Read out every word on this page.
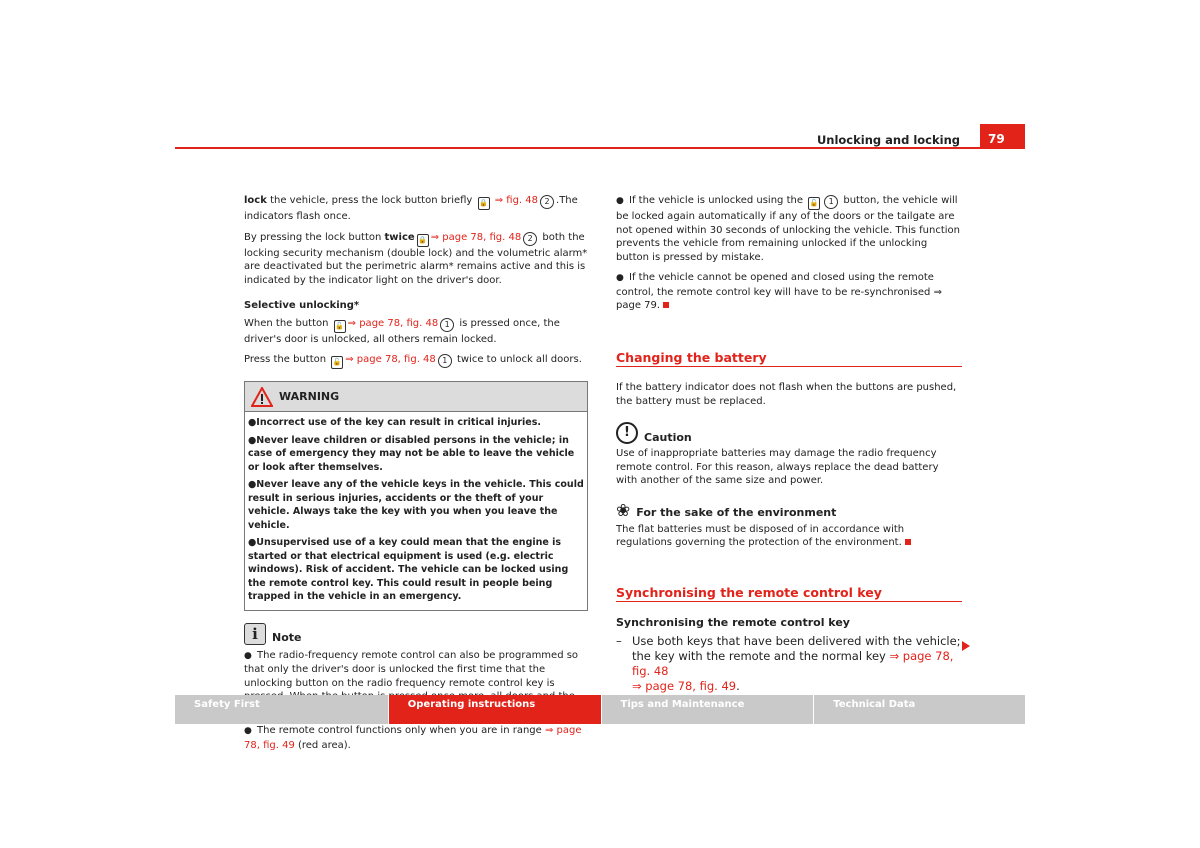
Unlocking and locking	79

lock the vehicle, press the lock button briefly 🔒 ⇒ fig. 48 2 .The indicators flash once.

By pressing the lock button twice 🔒 ⇒ page 78, fig. 48 2 both the locking security mechanism (double lock) and the volumetric alarm* are deactivated but the perimetric alarm* remains active and this is indicated by the indicator light on the driver's door.

Selective unlocking*

When the button 🔓 ⇒ page 78, fig. 48 1 is pressed once, the driver's door is unlocked, all others remain locked.

Press the button 🔓 ⇒ page 78, fig. 48 1 twice to unlock all doors.

WARNING

●Incorrect use of the key can result in critical injuries.

●Never leave children or disabled persons in the vehicle; in case of emergency they may not be able to leave the vehicle or look after themselves.

●Never leave any of the vehicle keys in the vehicle. This could result in serious injuries, accidents or the theft of your vehicle. Always take the key with you when you leave the vehicle.

●Unsupervised use of a key could mean that the engine is started or that electrical equipment is used (e.g. electric windows). Risk of accident. The vehicle can be locked using the remote control key. This could result in people being trapped in the vehicle in an emergency.

i	Note

● The radio-frequency remote control can also be programmed so that only the driver's door is unlocked the first time that the unlocking button on the radio frequency remote control key is

● The remote control functions only when you are in range ⇒ page 78, fig. 49 (red area).

● If the vehicle is unlocked using the 🔓 1 button, the vehicle will be locked again automatically if any of the doors or the tailgate are not opened within 30 seconds of unlocking the vehicle. This function prevents the vehicle from remaining unlocked if the unlocking button is pressed by mistake.

● If the vehicle cannot be opened and closed using the remote control, the remote control key will have to be re-synchronised ⇒ page 79.

Changing the battery

If the battery indicator does not flash when the buttons are pushed, the battery must be replaced.

!	Caution

Use of inappropriate batteries may damage the radio frequency remote control. For this reason, always replace the dead battery with another of the same size and power.

❀ For the sake of the environment

The flat batteries must be disposed of in accordance with regulations governing the protection of the environment.

Synchronising the remote control key
Synchronising the remote control key
– Use both keys that have been delivered with the vehicle; the key with the remote and the normal key ⇒ page 78, fig. 48
⇒ page 78, fig. 49.
Safety First	Operating instructions	Tips and Maintenance	Technical Data
